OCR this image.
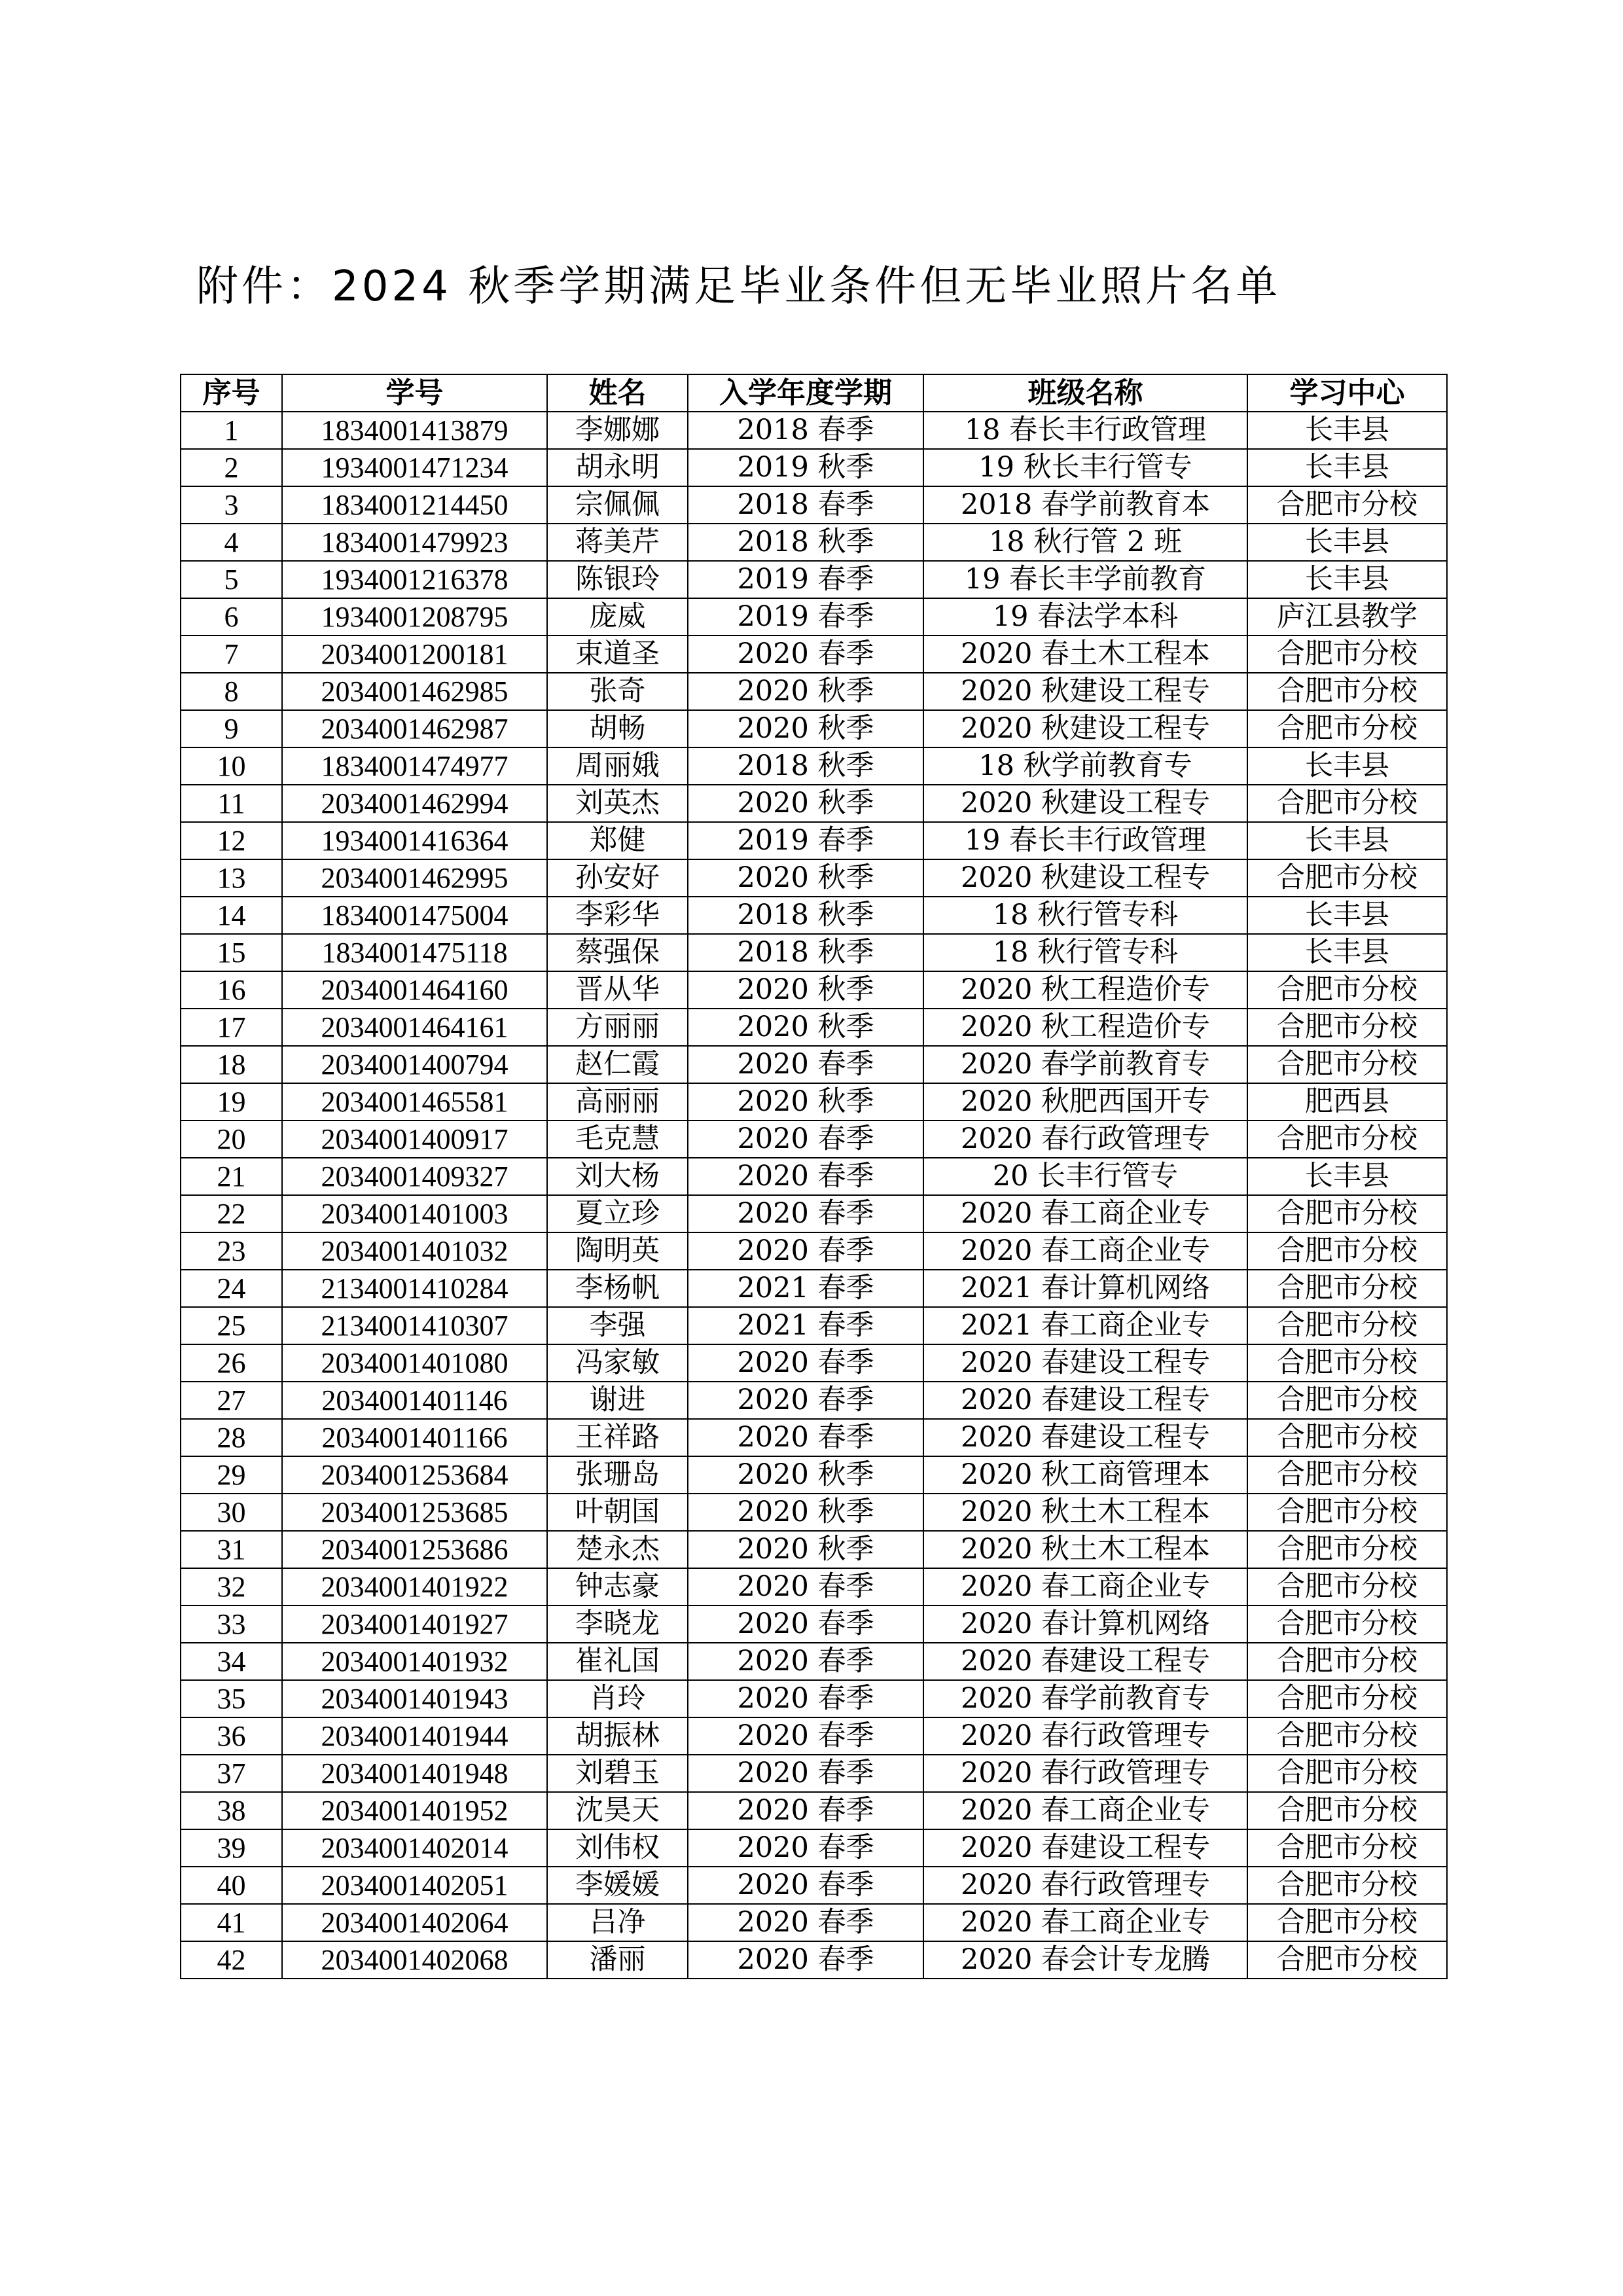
附件：2024 秋季学期满足毕业条件但无毕业照片名单
序号	学号	姓名	入学年度学期	班级名称	学习中心
1	1834001413879	李娜娜	2018 春季	18 春长丰行政管理	长丰县
2	1934001471234	胡永明	2019 秋季	19 秋长丰行管专	长丰县
3	1834001214450	宗佩佩	2018 春季	2018 春学前教育本	合肥市分校
4	1834001479923	蒋美芹	2018 秋季	18 秋行管 2 班	长丰县
5	1934001216378	陈银玲	2019 春季	19 春长丰学前教育	长丰县
6	1934001208795	庞威	2019 春季	19 春法学本科	庐江县教学
7	2034001200181	束道圣	2020 春季	2020 春土木工程本	合肥市分校
8	2034001462985	张奇	2020 秋季	2020 秋建设工程专	合肥市分校
9	2034001462987	胡畅	2020 秋季	2020 秋建设工程专	合肥市分校
10	1834001474977	周丽娥	2018 秋季	18 秋学前教育专	长丰县
11	2034001462994	刘英杰	2020 秋季	2020 秋建设工程专	合肥市分校
12	1934001416364	郑健	2019 春季	19 春长丰行政管理	长丰县
13	2034001462995	孙安好	2020 秋季	2020 秋建设工程专	合肥市分校
14	1834001475004	李彩华	2018 秋季	18 秋行管专科	长丰县
15	1834001475118	蔡强保	2018 秋季	18 秋行管专科	长丰县
16	2034001464160	晋从华	2020 秋季	2020 秋工程造价专	合肥市分校
17	2034001464161	方丽丽	2020 秋季	2020 秋工程造价专	合肥市分校
18	2034001400794	赵仁霞	2020 春季	2020 春学前教育专	合肥市分校
19	2034001465581	高丽丽	2020 秋季	2020 秋肥西国开专	肥西县
20	2034001400917	毛克慧	2020 春季	2020 春行政管理专	合肥市分校
21	2034001409327	刘大杨	2020 春季	20 长丰行管专	长丰县
22	2034001401003	夏立珍	2020 春季	2020 春工商企业专	合肥市分校
23	2034001401032	陶明英	2020 春季	2020 春工商企业专	合肥市分校
24	2134001410284	李杨帆	2021 春季	2021 春计算机网络	合肥市分校
25	2134001410307	李强	2021 春季	2021 春工商企业专	合肥市分校
26	2034001401080	冯家敏	2020 春季	2020 春建设工程专	合肥市分校
27	2034001401146	谢进	2020 春季	2020 春建设工程专	合肥市分校
28	2034001401166	王祥路	2020 春季	2020 春建设工程专	合肥市分校
29	2034001253684	张珊岛	2020 秋季	2020 秋工商管理本	合肥市分校
30	2034001253685	叶朝国	2020 秋季	2020 秋土木工程本	合肥市分校
31	2034001253686	楚永杰	2020 秋季	2020 秋土木工程本	合肥市分校
32	2034001401922	钟志豪	2020 春季	2020 春工商企业专	合肥市分校
33	2034001401927	李晓龙	2020 春季	2020 春计算机网络	合肥市分校
34	2034001401932	崔礼国	2020 春季	2020 春建设工程专	合肥市分校
35	2034001401943	肖玲	2020 春季	2020 春学前教育专	合肥市分校
36	2034001401944	胡振林	2020 春季	2020 春行政管理专	合肥市分校
37	2034001401948	刘碧玉	2020 春季	2020 春行政管理专	合肥市分校
38	2034001401952	沈昊天	2020 春季	2020 春工商企业专	合肥市分校
39	2034001402014	刘伟权	2020 春季	2020 春建设工程专	合肥市分校
40	2034001402051	李媛媛	2020 春季	2020 春行政管理专	合肥市分校
41	2034001402064	吕净	2020 春季	2020 春工商企业专	合肥市分校
42	2034001402068	潘丽	2020 春季	2020 春会计专龙腾	合肥市分校
